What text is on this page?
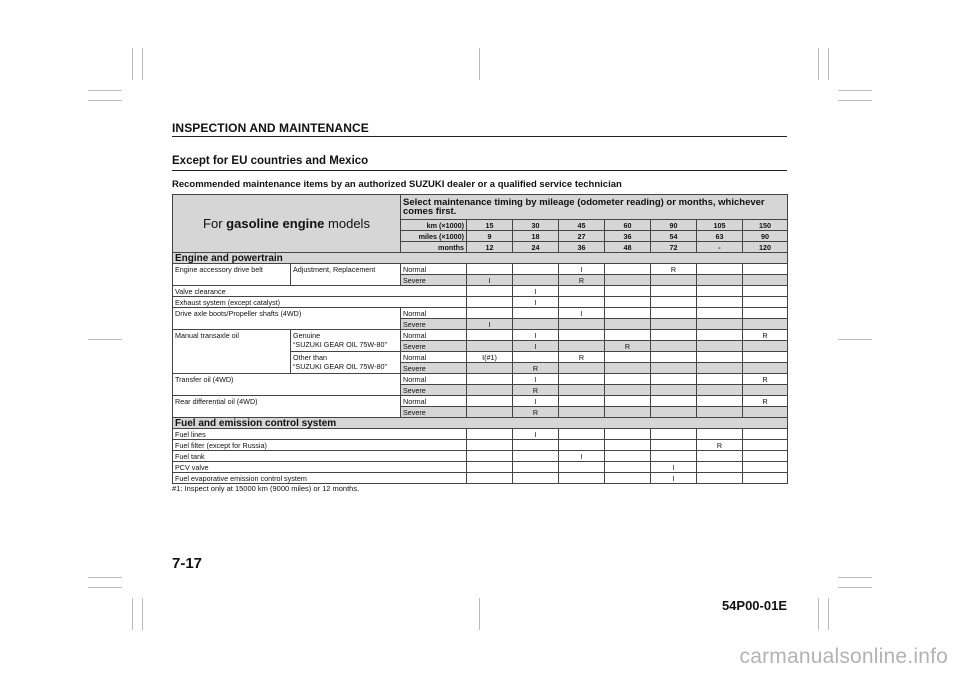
INSPECTION AND MAINTENANCE
Except for EU countries and Mexico
Recommended maintenance items by an authorized SUZUKI dealer or a qualified service technician
For gasoline engine models		Select maintenance timing by mileage (odometer reading) or months, whichever comes first.							
		km (×1000)	15	30	45	60	90	105	150
		miles (×1000)	9	18	27	36	54	63	90
		months	12	24	36	48	72	-	120
Engine and powertrain									
Engine accessory drive belt	Adjustment, Replacement	Normal			I		R		
		Severe	I		R				
Valve clearance				I					
Exhaust system (except catalyst)				I					
Drive axle boots/Propeller shafts (4WD)		Normal			I				
		Severe	I						
Manual transaxle oil	Genuine
“SUZUKI GEAR OIL 75W-80”	Normal		I					R
		Severe		I		R			
	Other than
“SUZUKI GEAR OIL 75W-80”	Normal	I(#1)		R				
		Severe		R					
Transfer oil (4WD)		Normal		I					R
		Severe		R					
Rear differential oil (4WD)		Normal		I					R
		Severe		R					
Fuel and emission control system									
Fuel lines				I					
Fuel filter (except for Russia)								R	
Fuel tank					I				
PCV valve							I		
Fuel evaporative emission control system							I		
#1: Inspect only at 15000 km (9000 miles) or 12 months.
7-17
54P00-01E
carmanualsonline.info
